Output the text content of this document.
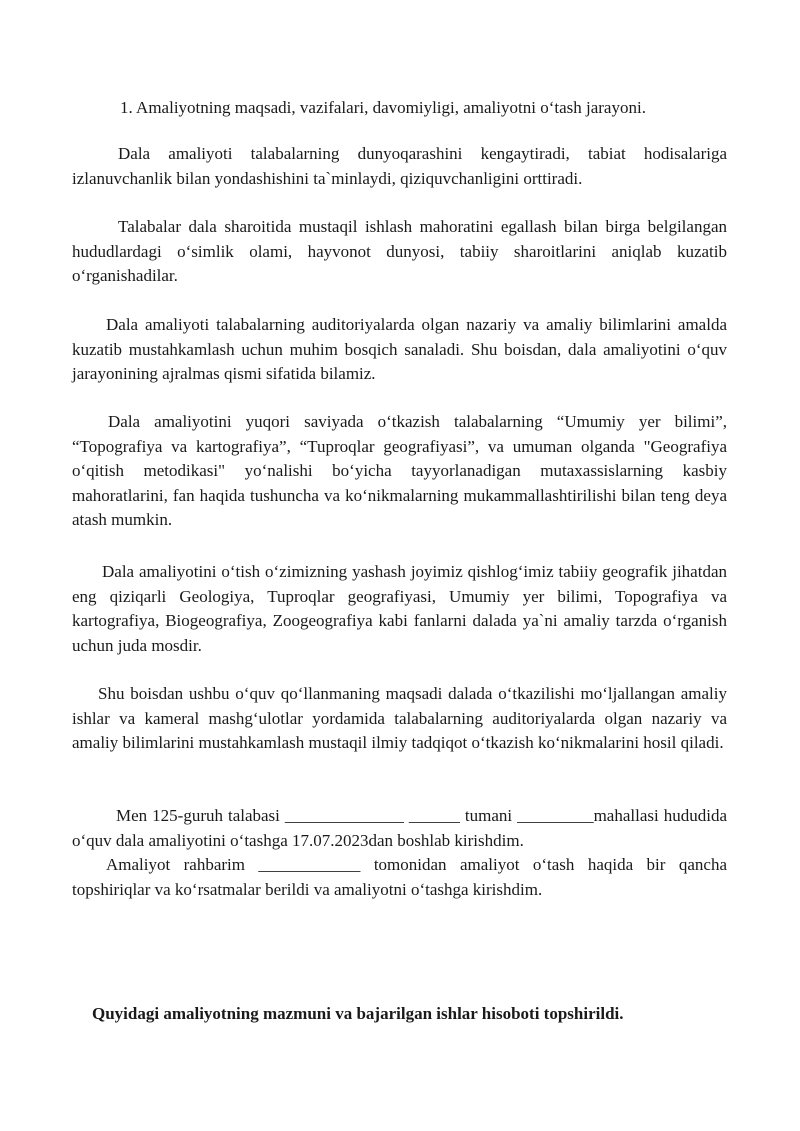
1. Amaliyotning maqsadi, vazifalari, davomiyligi, amaliyotni oʻtash jarayoni.
Dala amaliyoti talabalarning dunyoqarashini kengaytiradi, tabiat hodisalariga izlanuvchanlik bilan yondashishini ta`minlaydi, qiziquvchanligini orttiradi.
Talabalar dala sharoitida mustaqil ishlash mahoratini egallash bilan birga belgilangan hududlardagi oʻsimlik olami, hayvonot dunyosi, tabiiy sharoitlarini aniqlab kuzatib oʻrganishadilar.
Dala amaliyoti talabalarning auditoriyalarda olgan nazariy va amaliy bilimlarini amalda kuzatib mustahkamlash uchun muhim bosqich sanaladi. Shu boisdan, dala amaliyotini oʻquv jarayonining ajralmas qismi sifatida bilamiz.
Dala amaliyotini yuqori saviyada oʻtkazish talabalarning “Umumiy yer bilimi”, “Topografiya va kartografiya”, “Tuproqlar geografiyasi”, va umuman olganda "Geografiya oʻqitish metodikasi" yoʻnalishi boʻyicha tayyorlanadigan mutaxassislarning kasbiy mahoratlarini, fan haqida tushuncha va koʻnikmalarning mukammallashtirilishi bilan teng deya atash mumkin.
Dala amaliyotini oʻtish oʻzimizning yashash joyimiz qishlogʻimiz tabiiy geografik jihatdan eng qiziqarli Geologiya, Tuproqlar geografiyasi, Umumiy yer bilimi, Topografiya va kartografiya, Biogeografiya, Zoogeografiya kabi fanlarni dalada ya`ni amaliy tarzda oʻrganish uchun juda mosdir.
Shu boisdan ushbu oʻquv qoʻllanmaning maqsadi dalada oʻtkazilishi moʻljallangan amaliy ishlar va kameral mashgʻulotlar yordamida talabalarning auditoriyalarda olgan nazariy va amaliy bilimlarini mustahkamlash mustaqil ilmiy tadqiqot oʻtkazish koʻnikmalarini hosil qiladi.
Men 125-guruh talabasi ______________ ______ tumani _________mahallasi hududida oʻquv dala amaliyotini oʻtashga 17.07.2023dan boshlab kirishdim.
Amaliyot rahbarim ____________ tomonidan amaliyot oʻtash haqida bir qancha topshiriqlar va koʻrsatmalar berildi va amaliyotni oʻtashga kirishdim.
Quyidagi amaliyotning mazmuni va bajarilgan ishlar hisoboti topshirildi.
